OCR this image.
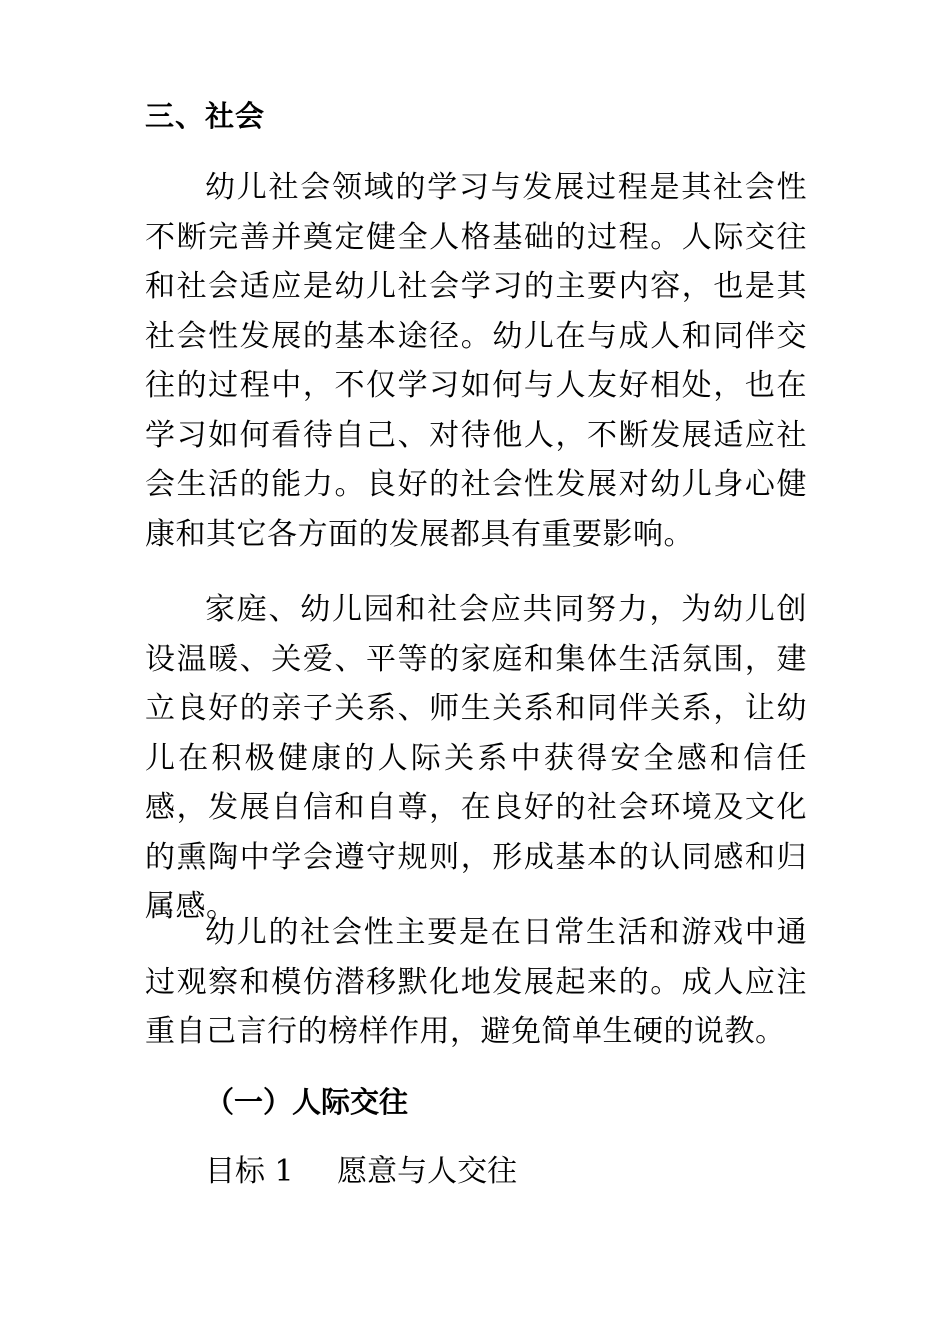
三、社会

幼儿社会领域的学习与发展过程是其社会性不断完善并奠定健全人格基础的过程。人际交往和社会适应是幼儿社会学习的主要内容，也是其社会性发展的基本途径。幼儿在与成人和同伴交往的过程中，不仅学习如何与人友好相处，也在学习如何看待自己、对待他人，不断发展适应社会生活的能力。良好的社会性发展对幼儿身心健康和其它各方面的发展都具有重要影响。

家庭、幼儿园和社会应共同努力，为幼儿创设温暖、关爱、平等的家庭和集体生活氛围，建立良好的亲子关系、师生关系和同伴关系，让幼儿在积极健康的人际关系中获得安全感和信任感，发展自信和自尊，在良好的社会环境及文化的熏陶中学会遵守规则，形成基本的认同感和归属感。

幼儿的社会性主要是在日常生活和游戏中通过观察和模仿潜移默化地发展起来的。成人应注重自己言行的榜样作用，避免简单生硬的说教。

（一）人际交往
目标 1 愿意与人交往
